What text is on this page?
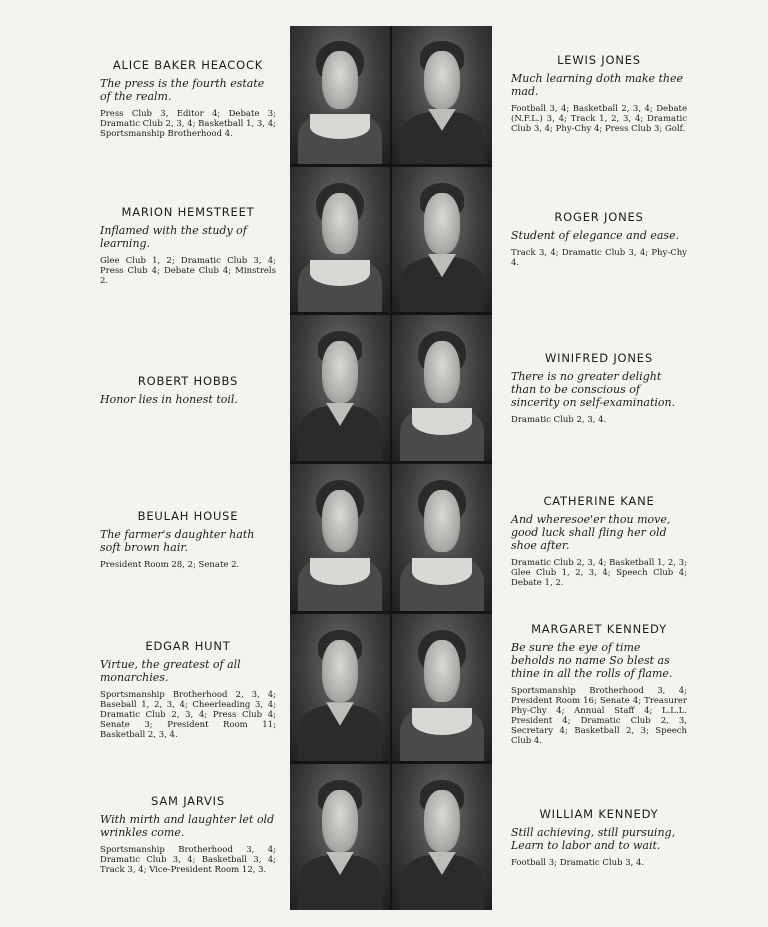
ALICE BAKER HEACOCK

The press is the fourth estate of the realm.

Press Club 3, Editor 4; Debate 3; Dramatic Club 2, 3, 4; Basketball 1, 3, 4; Sportsmanship Brotherhood 4.

LEWIS JONES

Much learning doth make thee mad.

Football 3, 4; Basketball 2, 3, 4; Debate (N.F.L.) 3, 4; Track 1, 2, 3, 4; Dramatic Club 3, 4; Phy-Chy 4; Press Club 3; Golf.

MARION HEMSTREET

Inflamed with the study of learning.

Glee Club 1, 2; Dramatic Club 3, 4; Press Club 4; Debate Club 4; Minstrels 2.

ROGER JONES

Student of elegance and ease.

Track 3, 4; Dramatic Club 3, 4; Phy-Chy 4.

ROBERT HOBBS

Honor lies in honest toil.

WINIFRED JONES

There is no greater delight than to be conscious of sincerity on self-examination.

Dramatic Club 2, 3, 4.

BEULAH HOUSE

The farmer's daughter hath soft brown hair.

President Room 28, 2; Senate 2.

CATHERINE KANE

And wheresoe'er thou move, good luck shall fling her old shoe after.

Dramatic Club 2, 3, 4; Basketball 1, 2, 3; Glee Club 1, 2, 3, 4; Speech Club 4; Debate 1, 2.

EDGAR HUNT

Virtue, the greatest of all monarchies.

Sportsmanship Brotherhood 2, 3, 4; Baseball 1, 2, 3, 4; Cheerleading 3, 4; Dramatic Club 2, 3, 4; Press Club 4; Senate 3; President Room 11; Basketball 2, 3, 4.

MARGARET KENNEDY

Be sure the eye of time beholds no name So blest as thine in all the rolls of flame.

Sportsmanship Brotherhood 3, 4; President Room 16; Senate 4; Treasurer Phy-Chy 4; Annual Staff 4; L.L.L. President 4; Dramatic Club 2, 3, Secretary 4; Basketball 2, 3; Speech Club 4.

SAM JARVIS

With mirth and laughter let old wrinkles come.

Sportsmanship Brotherhood 3, 4; Dramatic Club 3, 4; Basketball 3, 4; Track 3, 4; Vice-President Room 12, 3.

WILLIAM KENNEDY

Still achieving, still pursuing, Learn to labor and to wait.

Football 3; Dramatic Club 3, 4.
